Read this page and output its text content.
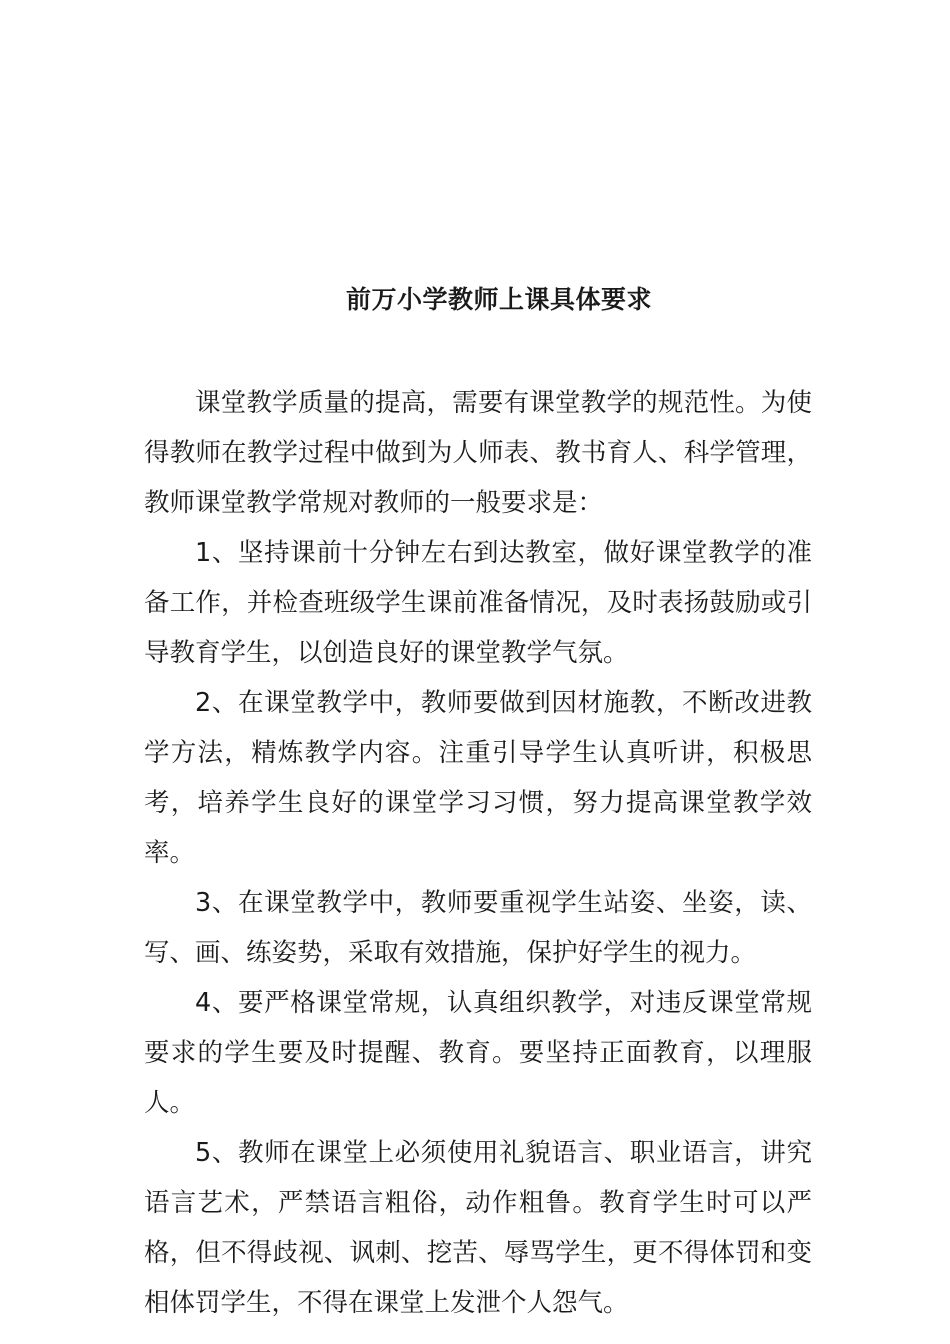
前万小学教师上课具体要求

课堂教学质量的提高，需要有课堂教学的规范性。为使得教师在教学过程中做到为人师表、教书育人、科学管理，教师课堂教学常规对教师的一般要求是：

1、坚持课前十分钟左右到达教室，做好课堂教学的准备工作，并检查班级学生课前准备情况，及时表扬鼓励或引导教育学生，以创造良好的课堂教学气氛。

2、在课堂教学中，教师要做到因材施教，不断改进教学方法，精炼教学内容。注重引导学生认真听讲，积极思考，培养学生良好的课堂学习习惯，努力提高课堂教学效率。

3、在课堂教学中，教师要重视学生站姿、坐姿，读、写、画、练姿势，采取有效措施，保护好学生的视力。

4、要严格课堂常规，认真组织教学，对违反课堂常规要求的学生要及时提醒、教育。要坚持正面教育，以理服人。

5、教师在课堂上必须使用礼貌语言、职业语言，讲究语言艺术，严禁语言粗俗，动作粗鲁。教育学生时可以严格，但不得歧视、讽刺、挖苦、辱骂学生，更不得体罚和变相体罚学生，不得在课堂上发泄个人怨气。
